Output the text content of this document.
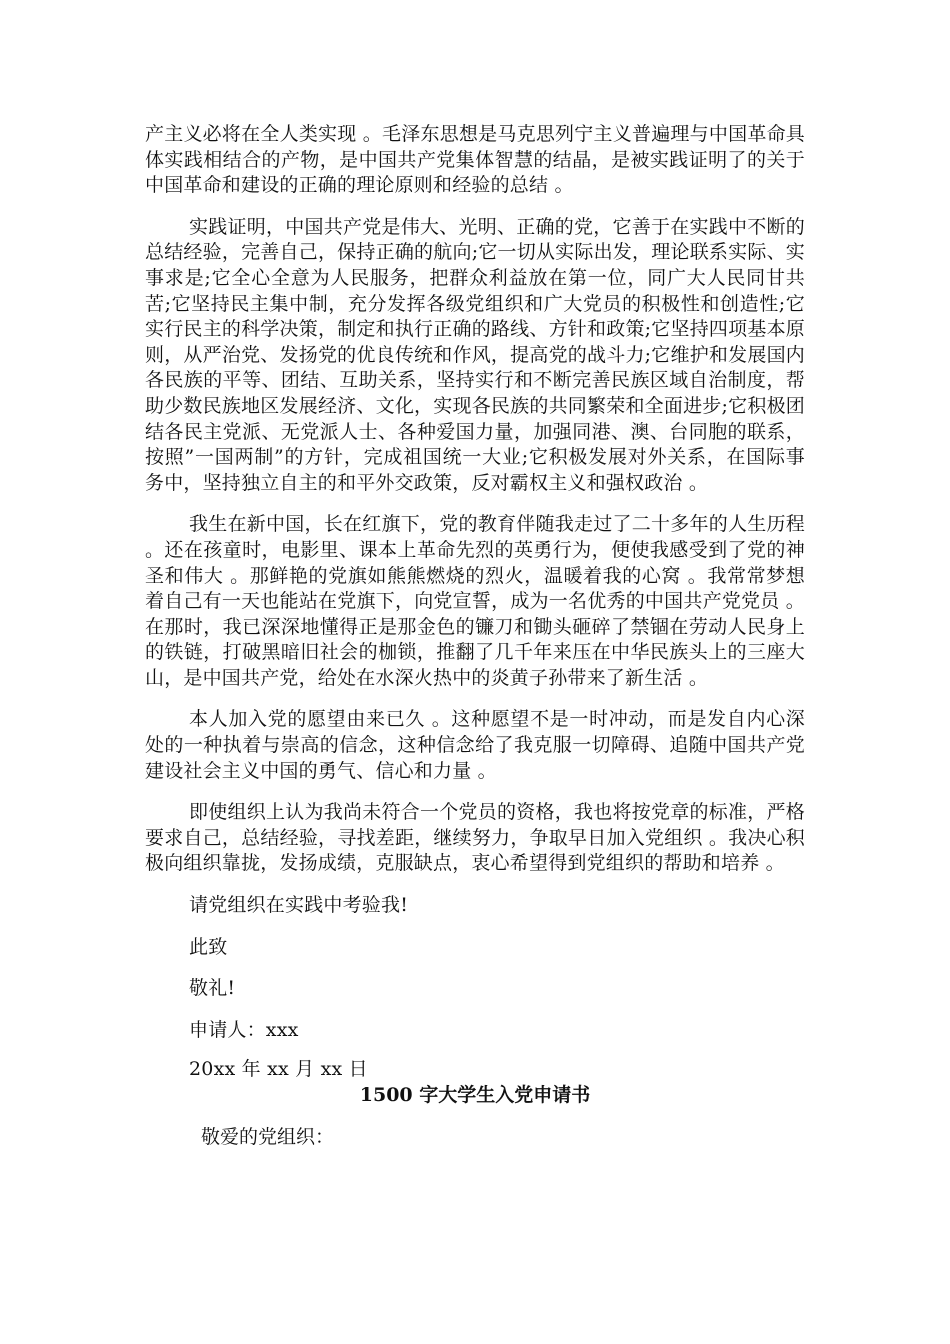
产主义必将在全人类实现 。毛泽东思想是马克思列宁主义普遍理与中国革命具体实践相结合的产物，是中国共产党集体智慧的结晶，是被实践证明了的关于中国革命和建设的正确的理论原则和经验的总结 。

实践证明，中国共产党是伟大、光明、正确的党，它善于在实践中不断的总结经验，完善自己，保持正确的航向;它一切从实际出发，理论联系实际、实事求是;它全心全意为人民服务，把群众利益放在第一位，同广大人民同甘共苦;它坚持民主集中制，充分发挥各级党组织和广大党员的积极性和创造性;它实行民主的科学决策，制定和执行正确的路线、方针和政策;它坚持四项基本原则，从严治党、发扬党的优良传统和作风，提高党的战斗力;它维护和发展国内各民族的平等、团结、互助关系，坚持实行和不断完善民族区域自治制度，帮助少数民族地区发展经济、文化，实现各民族的共同繁荣和全面进步;它积极团结各民主党派、无党派人士、各种爱国力量，加强同港、澳、台同胞的联系，按照”一国两制”的方针，完成祖国统一大业;它积极发展对外关系，在国际事务中，坚持独立自主的和平外交政策，反对霸权主义和强权政治 。

我生在新中国，长在红旗下，党的教育伴随我走过了二十多年的人生历程 。还在孩童时，电影里、课本上革命先烈的英勇行为，便使我感受到了党的神圣和伟大 。那鲜艳的党旗如熊熊燃烧的烈火，温暖着我的心窝 。我常常梦想着自己有一天也能站在党旗下，向党宣誓，成为一名优秀的中国共产党党员 。在那时，我已深深地懂得正是那金色的镰刀和锄头砸碎了禁锢在劳动人民身上的铁链，打破黑暗旧社会的枷锁，推翻了几千年来压在中华民族头上的三座大山，是中国共产党，给处在水深火热中的炎黄子孙带来了新生活 。

本人加入党的愿望由来已久 。这种愿望不是一时冲动，而是发自内心深处的一种执着与崇高的信念，这种信念给了我克服一切障碍、追随中国共产党建设社会主义中国的勇气、信心和力量 。

即使组织上认为我尚未符合一个党员的资格，我也将按党章的标准，严格要求自己，总结经验，寻找差距，继续努力，争取早日加入党组织 。我决心积极向组织靠拢，发扬成绩，克服缺点，衷心希望得到党组织的帮助和培养 。

请党组织在实践中考验我!

此致

敬礼!

申请人：xxx

20xx 年 xx 月 xx 日

1500 字大学生入党申请书

敬爱的党组织：
